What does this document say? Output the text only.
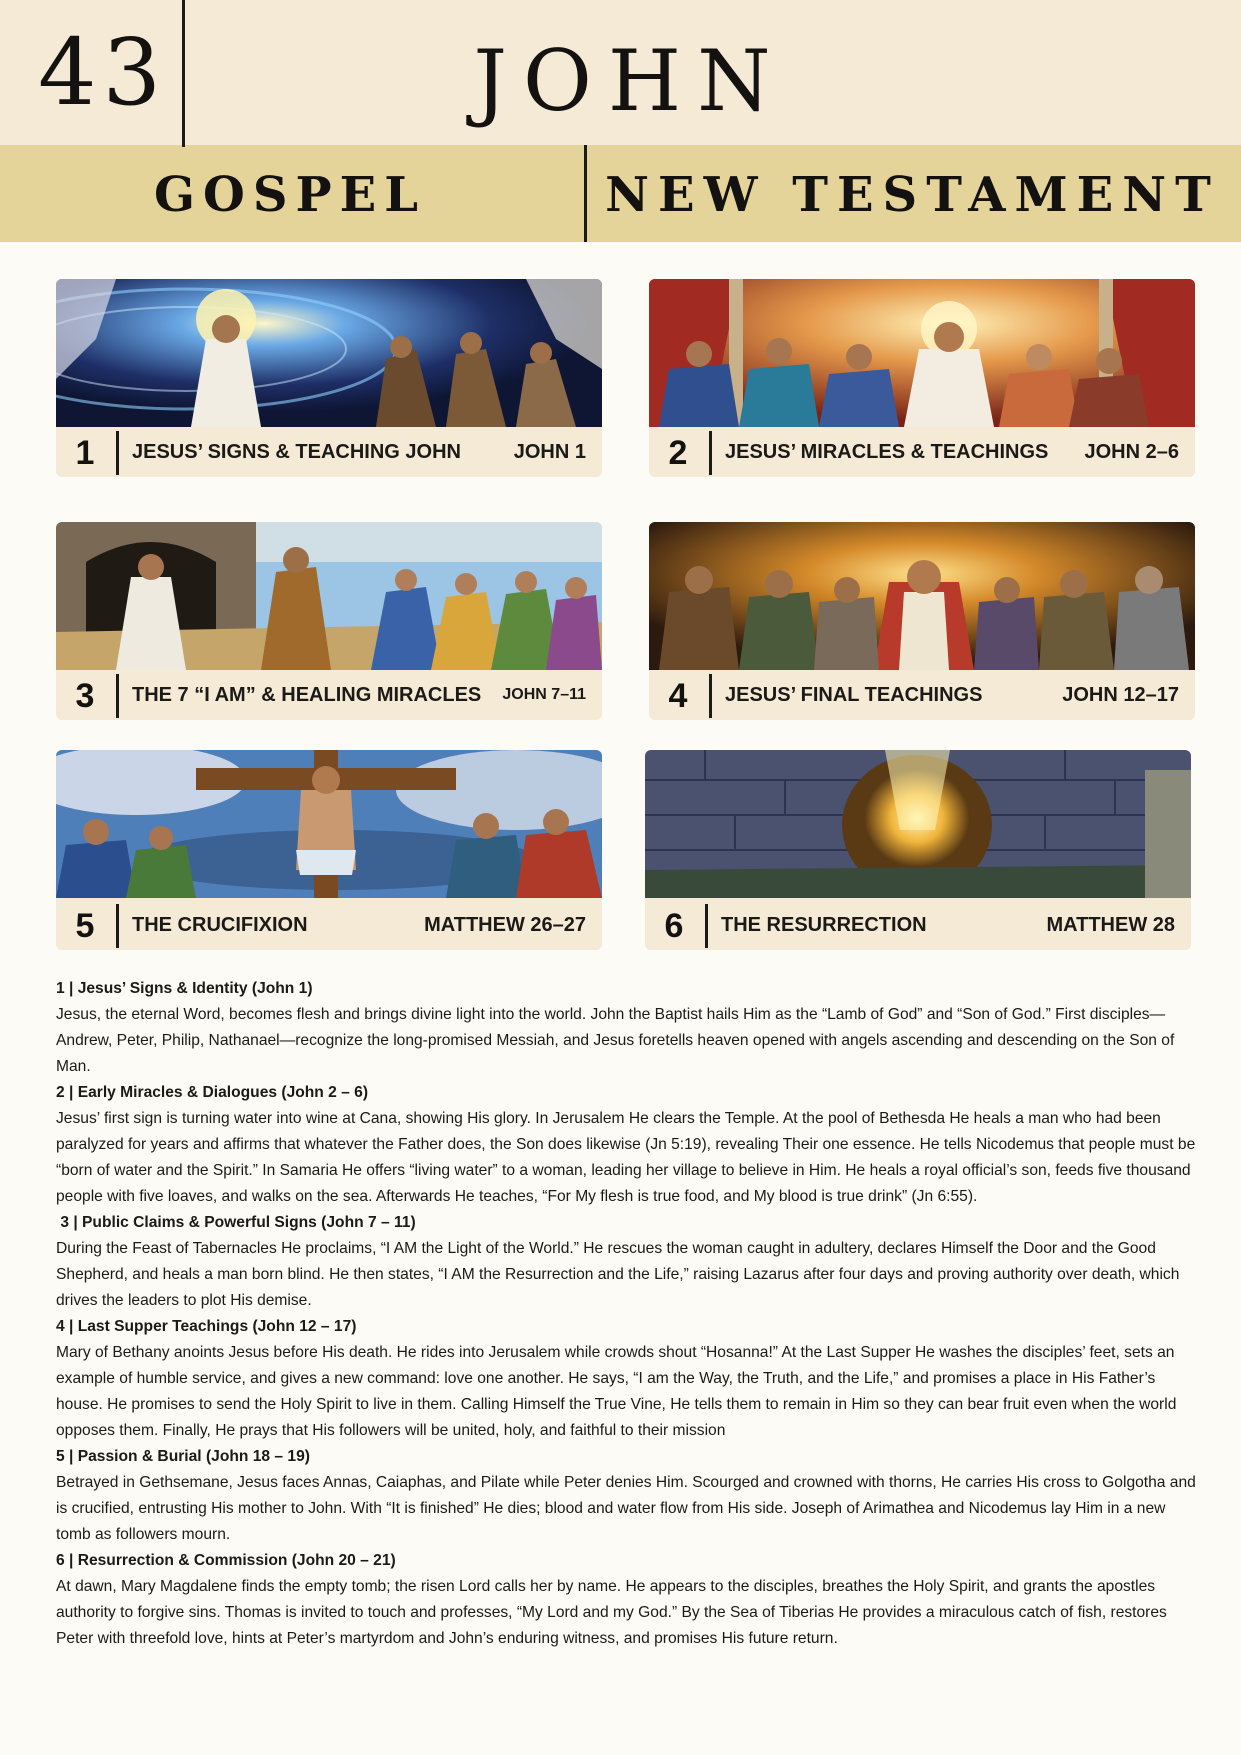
43	JOHN
GOSPEL	NEW TESTAMENT
1	JESUS’ SIGNS & TEACHING JOHN	JOHN 1	2	JESUS’ MIRACLES & TEACHINGS JOHN 2–6
3	THE 7 “I AM” & HEALING MIRACLES JOHN 7–11	4	JESUS’ FINAL TEACHINGS	JOHN 12–17
5	THE CRUCIFIXION	MATTHEW 26–27	6	THE RESURRECTION	MATTHEW 28

1 | Jesus’ Signs & Identity (John 1)

Jesus, the eternal Word, becomes flesh and brings divine light into the world. John the Baptist hails Him as the “Lamb of God” and “Son of God.” First disciples—Andrew, Peter, Philip, Nathanael—recognize the long-promised Messiah, and Jesus foretells heaven opened with angels ascending and descending on the Son of Man.

2 | Early Miracles & Dialogues (John 2 – 6)

Jesus’ first sign is turning water into wine at Cana, showing His glory. In Jerusalem He clears the Temple. At the pool of Bethesda He heals a man who had been paralyzed for years and affirms that whatever the Father does, the Son does likewise (Jn 5:19), revealing Their one essence. He tells Nicodemus that people must be “born of water and the Spirit.” In Samaria He offers “living water” to a woman, leading her village to believe in Him. He heals a royal official’s son, feeds five thousand people with five loaves, and walks on the sea. Afterwards He teaches, “For My flesh is true food, and My blood is true drink” (Jn 6:55).

3 | Public Claims & Powerful Signs (John 7 – 11)

During the Feast of Tabernacles He proclaims, “I AM the Light of the World.” He rescues the woman caught in adultery, declares Himself the Door and the Good Shepherd, and heals a man born blind. He then states, “I AM the Resurrection and the Life,” raising Lazarus after four days and proving authority over death, which drives the leaders to plot His demise.

4 | Last Supper Teachings (John 12 – 17)

Mary of Bethany anoints Jesus before His death. He rides into Jerusalem while crowds shout “Hosanna!” At the Last Supper He washes the disciples’ feet, sets an example of humble service, and gives a new command: love one another. He says, “I am the Way, the Truth, and the Life,” and promises a place in His Father’s house. He promises to send the Holy Spirit to live in them. Calling Himself the True Vine, He tells them to remain in Him so they can bear fruit even when the world opposes them. Finally, He prays that His followers will be united, holy, and faithful to their mission

5 | Passion & Burial (John 18 – 19)

Betrayed in Gethsemane, Jesus faces Annas, Caiaphas, and Pilate while Peter denies Him. Scourged and crowned with thorns, He carries His cross to Golgotha and is crucified, entrusting His mother to John. With “It is finished” He dies; blood and water flow from His side. Joseph of Arimathea and Nicodemus lay Him in a new tomb as followers mourn.

6 | Resurrection & Commission (John 20 – 21)

At dawn, Mary Magdalene finds the empty tomb; the risen Lord calls her by name. He appears to the disciples, breathes the Holy Spirit, and grants the apostles authority to forgive sins. Thomas is invited to touch and professes, “My Lord and my God.” By the Sea of Tiberias He provides a miraculous catch of fish, restores Peter with threefold love, hints at Peter’s martyrdom and John’s enduring witness, and promises His future return.
